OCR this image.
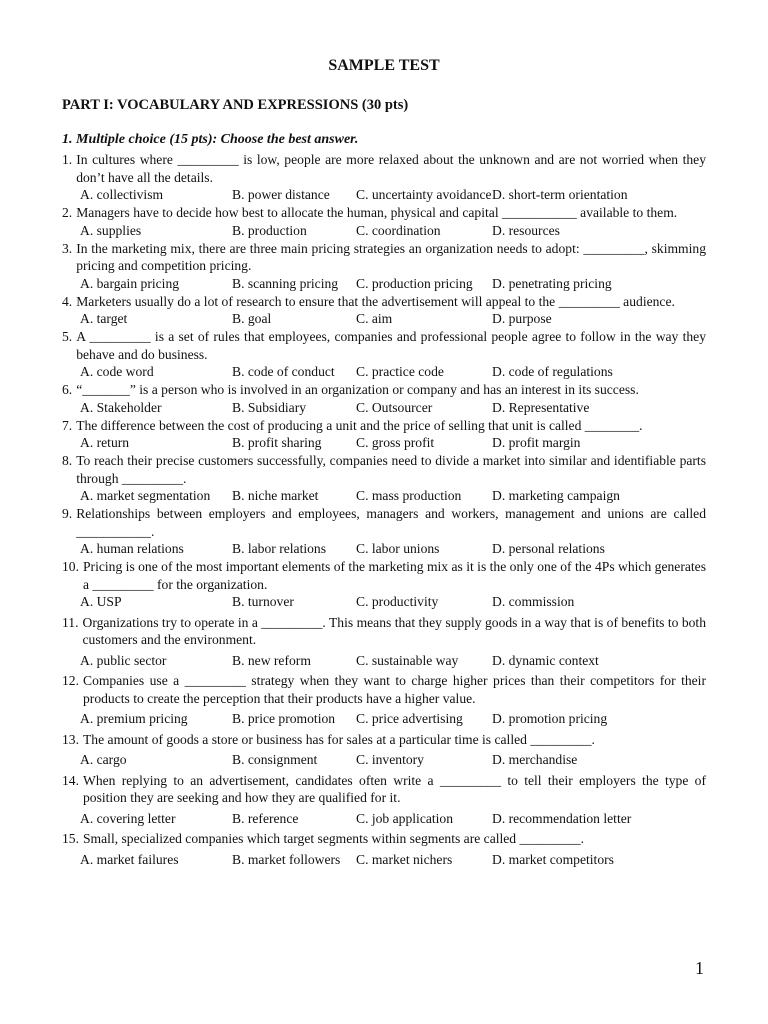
SAMPLE TEST
PART I: VOCABULARY AND EXPRESSIONS (30 pts)
1. Multiple choice (15 pts): Choose the best answer.
1. In cultures where _________ is low, people are more relaxed about the unknown and are not worried when they don’t have all the details.
A. collectivism	B. power distance	C. uncertainty avoidance D. short-term orientation
2. Managers have to decide how best to allocate the human, physical and capital ___________ available to them.
A. supplies	B. production	C. coordination	D. resources
3. In the marketing mix, there are three main pricing strategies an organization needs to adopt: _________, skimming pricing and competition pricing.
A. bargain pricing	B. scanning pricing	C. production pricing	D. penetrating pricing
4. Marketers usually do a lot of research to ensure that the advertisement will appeal to the _________ audience.
A. target	B. goal	C. aim	D. purpose
5. A _________ is a set of rules that employees, companies and professional people agree to follow in the way they behave and do business.
A. code word	B. code of conduct	C. practice code	D. code of regulations
6. “_______” is a person who is involved in an organization or company and has an interest in its success.
A. Stakeholder	B. Subsidiary	C. Outsourcer	D. Representative
7. The difference between the cost of producing a unit and the price of selling that unit is called ________.
A. return	B. profit sharing	C. gross profit	D. profit margin
8. To reach their precise customers successfully, companies need to divide a market into similar and identifiable parts through _________.
A. market segmentation	B. niche market	C. mass production	D. marketing campaign
9. Relationships between employers and employees, managers and workers, management and unions are called ___________.
A. human relations	B. labor relations	C. labor unions	D. personal relations
10. Pricing is one of the most important elements of the marketing mix as it is the only one of the 4Ps which generates a _________ for the organization.
A. USP	B. turnover	C. productivity	D. commission
11. Organizations try to operate in a _________. This means that they supply goods in a way that is of benefits to both customers and the environment.
A. public sector	B. new reform	C. sustainable way	D. dynamic context
12. Companies use a _________ strategy when they want to charge higher prices than their competitors for their products to create the perception that their products have a higher value.
A. premium pricing	B. price promotion	C. price advertising	D. promotion pricing
13. The amount of goods a store or business has for sales at a particular time is called _________.
A. cargo	B. consignment	C. inventory	D. merchandise
14. When replying to an advertisement, candidates often write a _________ to tell their employers the type of position they are seeking and how they are qualified for it.
A. covering letter	B. reference	C. job application	D. recommendation letter
15. Small, specialized companies which target segments within segments are called _________.
A. market failures	B. market followers	C. market nichers	D. market competitors
1
